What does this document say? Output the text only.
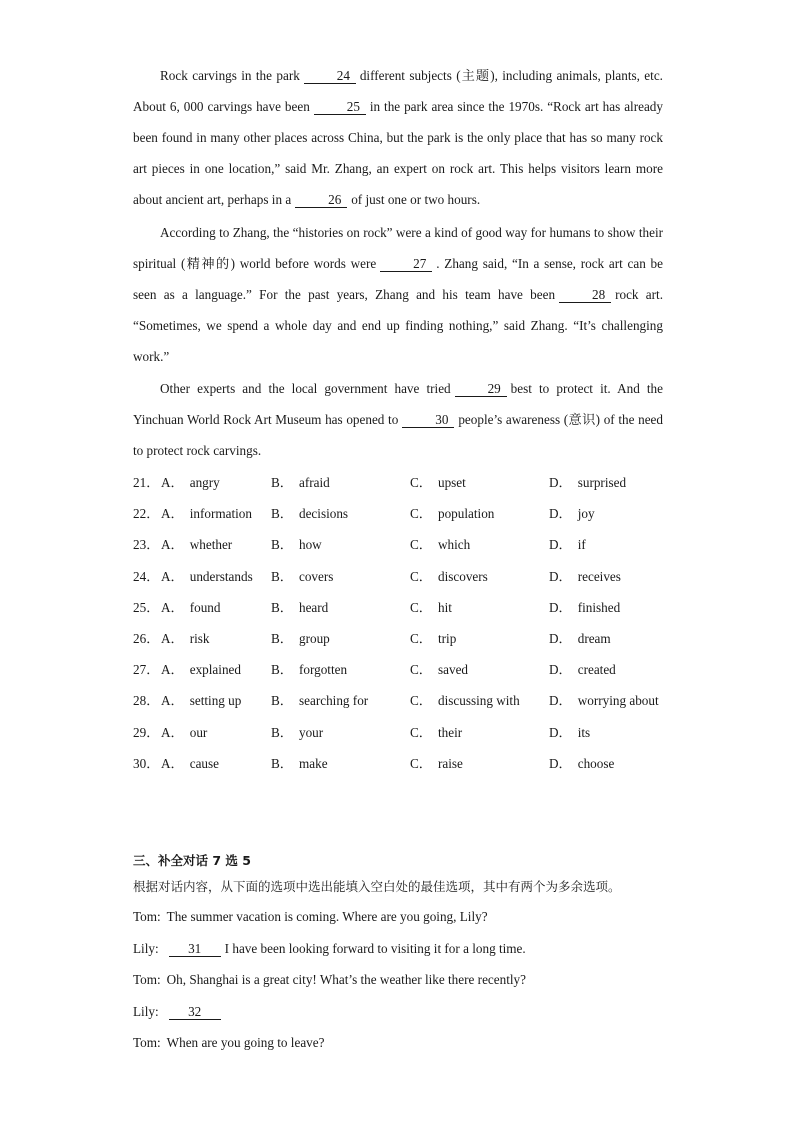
Rock carvings in the park	24 different subjects (主题), including animals, plants, etc. About 6, 000 carvings have been	25 in the park area since the 1970s. “Rock art has already been found in many other places across China, but the park is the only place that has so many rock art pieces in one location,” said Mr. Zhang, an expert on rock art. This helps visitors learn more about ancient art, perhaps in a	26 of just one or two hours.

According to Zhang, the “histories on rock” were a kind of good way for humans to show their spiritual (精神的) world before words were	27 . Zhang said, “In a sense, rock art can be seen as a language.” For the past years, Zhang and his team have been	28 rock art. “Sometimes, we spend a whole day and end up finding nothing,” said Zhang. “It’s challenging work.”

Other experts and the local government have tried	29 best to protect it. And the Yinchuan World Rock Art Museum has opened to	30 people’s awareness (意识) of the need to protect rock carvings.

21． A． angry	B． afraid	C． upset	D． surprised
22． A． information	B． decisions	C． population	D． joy
23． A． whether	B． how	C． which	D． if
24． A． understands	B． covers	C． discovers	D． receives
25． A． found	B． heard	C． hit	D． finished
26． A． risk	B． group	C． trip	D． dream
27． A． explained	B． forgotten	C． saved	D． created
28． A． setting up	B． searching for	C． discussing with	D． worrying about
29． A． our	B． your	C． their	D． its
30． A． cause	B． make	C． raise	D． choose
三、补全对话 7 选 5
根据对话内容，从下面的选项中选出能填入空白处的最佳选项，其中有两个为多余选项。
Tom: The summer vacation is coming. Where are you going, Lily?
Lily: 31 I have been looking forward to visiting it for a long time.
Tom: Oh, Shanghai is a great city! What’s the weather like there recently?
Lily: 32
Tom: When are you going to leave?
